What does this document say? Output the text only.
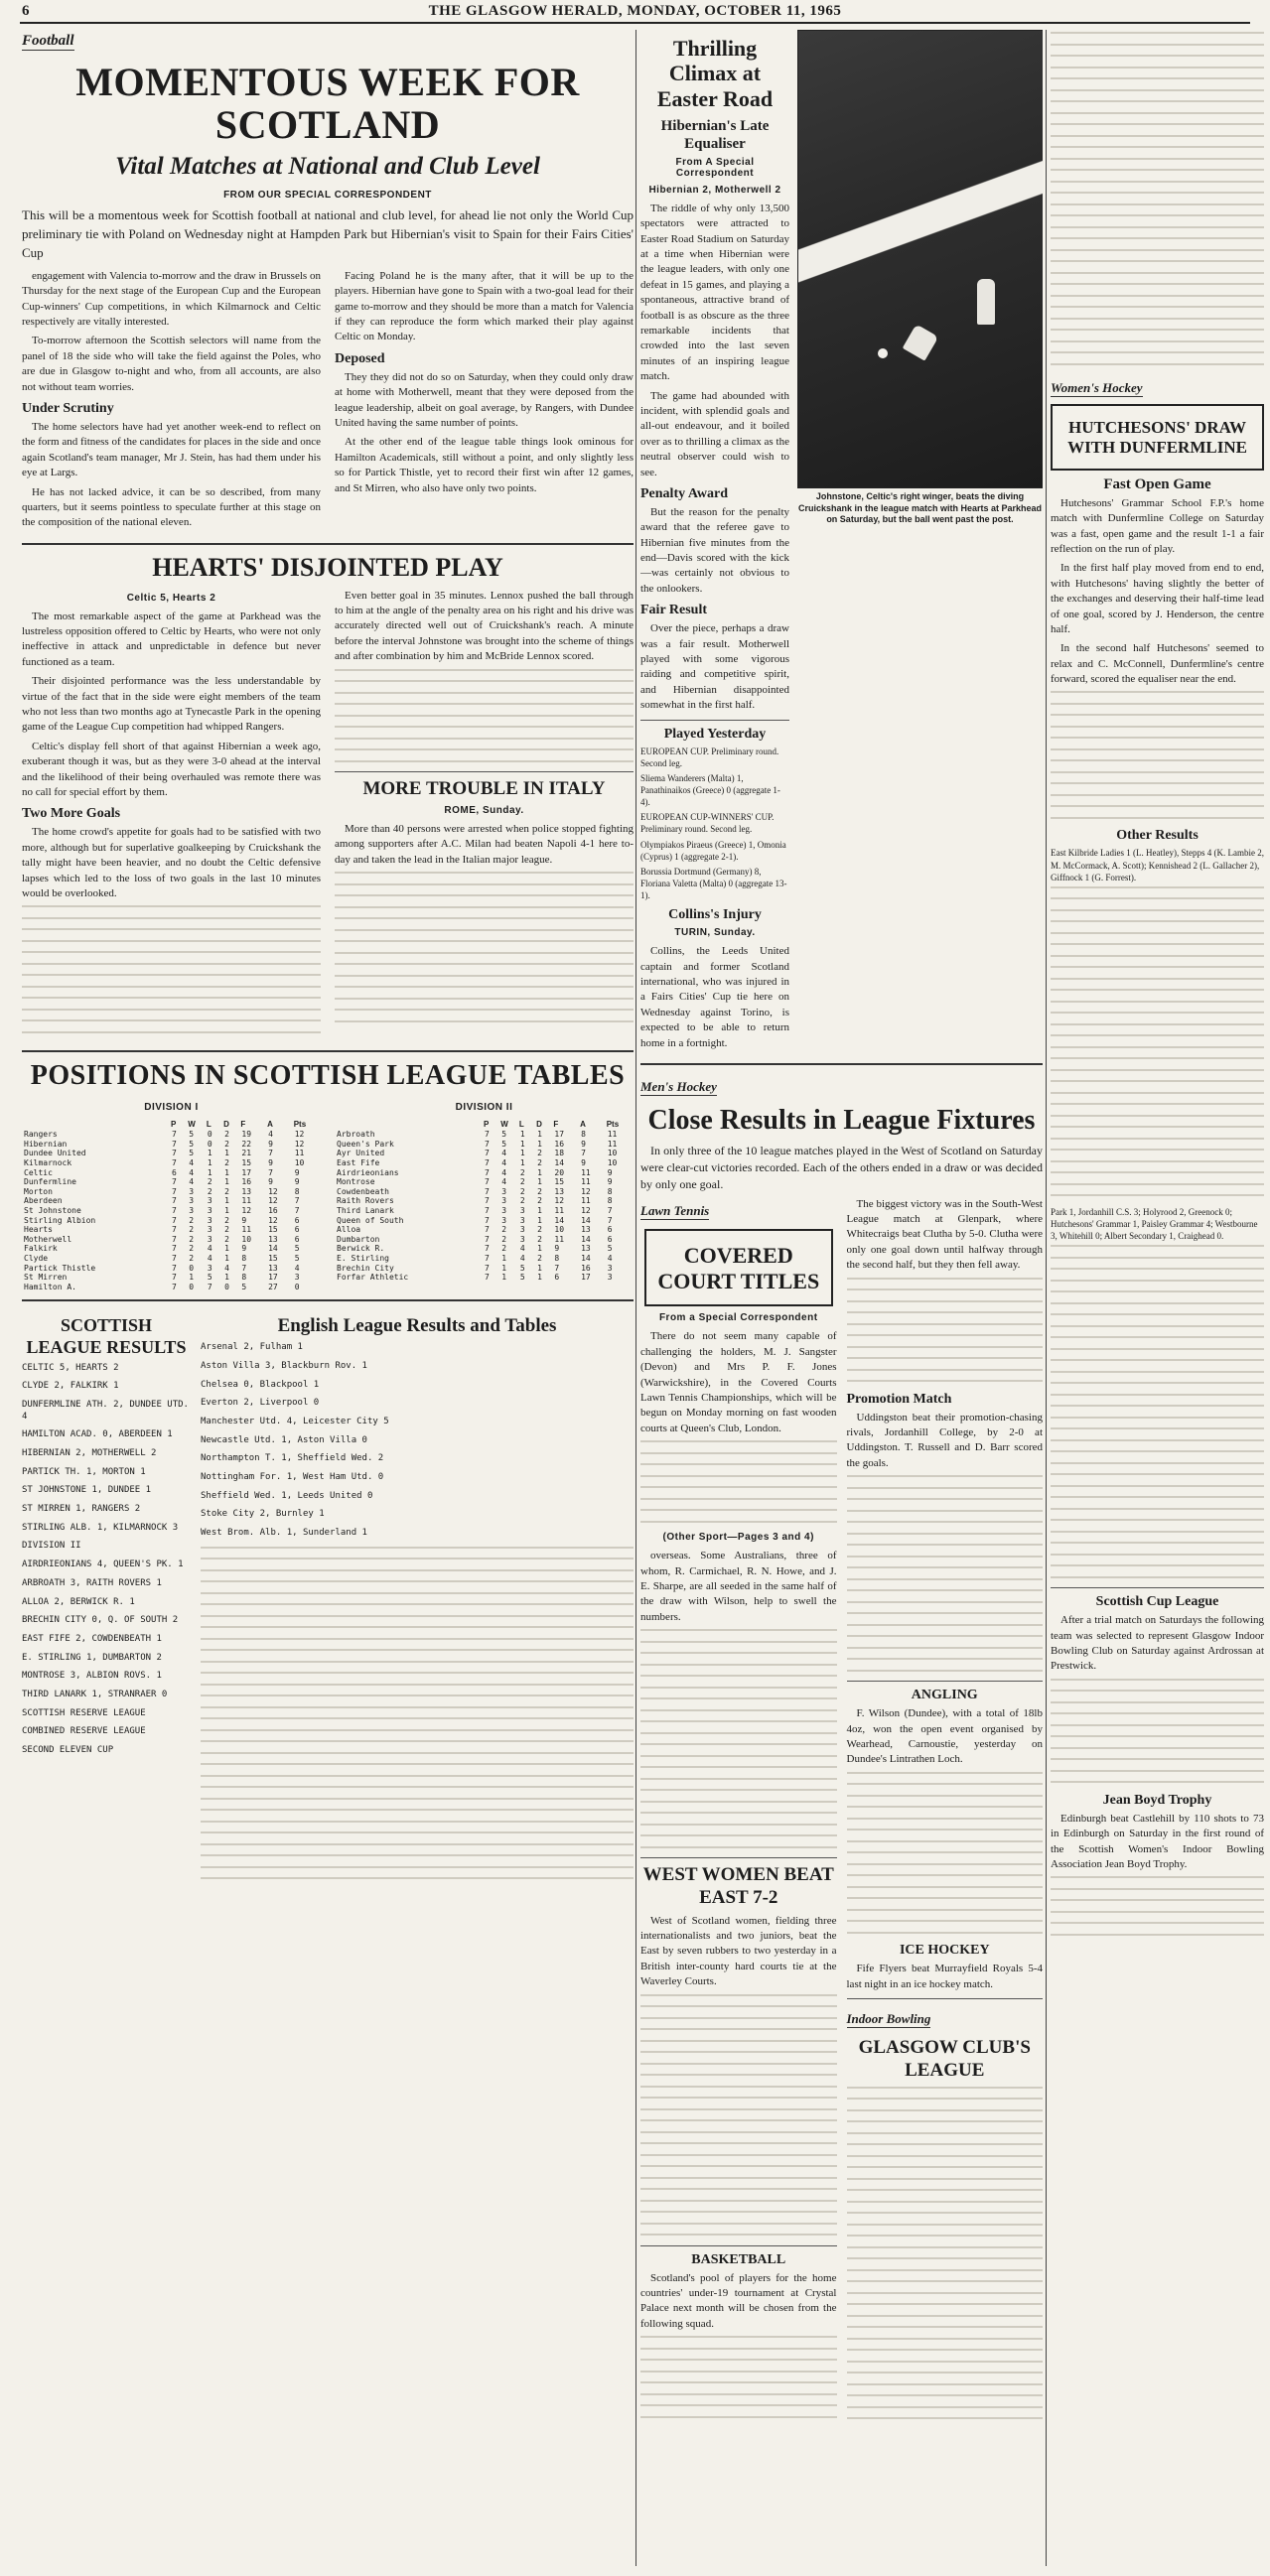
6	THE GLASGOW HERALD, MONDAY, OCTOBER 11, 1965
Football
MOMENTOUS WEEK FOR SCOTLAND
Vital Matches at National and Club Level
FROM OUR SPECIAL CORRESPONDENT

This will be a momentous week for Scottish football at national and club level, for ahead lie not only the World Cup preliminary tie with Poland on Wednesday night at Hampden Park but Hibernian's visit to Spain for their Fairs Cities' Cup

engagement with Valencia to-morrow and the draw in Brussels on Thursday for the next stage of the European Cup and the European Cup-winners' Cup competitions, in which Kilmarnock and Celtic respectively are vitally interested.

To-morrow afternoon the Scottish selectors will name from the panel of 18 the side who will take the field against the Poles, who are due in Glasgow to-night and who, from all accounts, are also not without team worries.

Under Scrutiny

The home selectors have had yet another week-end to reflect on the form and fitness of the candidates for places in the side and once again Scotland's team manager, Mr J. Stein, has had them under his eye at Largs.

He has not lacked advice, it can be so described, from many quarters, but it seems pointless to speculate further at this stage on the composition of the national eleven.

Facing Poland he is the many after, that it will be up to the players. Hibernian have gone to Spain with a two-goal lead for their game to-morrow and they should be more than a match for Valencia if they can reproduce the form which marked their play against Celtic on Monday.

Deposed

They they did not do so on Saturday, when they could only draw at home with Motherwell, meant that they were deposed from the league leadership, albeit on goal average, by Rangers, with Dundee United having the same number of points.

At the other end of the league table things look ominous for Hamilton Academicals, still without a point, and only slightly less so for Partick Thistle, yet to record their first win after 12 games, and St Mirren, who also have only two points.

HEARTS' DISJOINTED PLAY
Celtic 5, Hearts 2

The most remarkable aspect of the game at Parkhead was the lustreless opposition offered to Celtic by Hearts, who were not only ineffective in attack and unpredictable in defence but never functioned as a team.

Their disjointed performance was the less understandable by virtue of the fact that in the side were eight members of the team who not less than two months ago at Tynecastle Park in the opening game of the League Cup competition had whipped Rangers.

Celtic's display fell short of that against Hibernian a week ago, exuberant though it was, but as they were 3-0 ahead at the interval and the likelihood of their being overhauled was remote there was no call for special effort by them.

Two More Goals

The home crowd's appetite for goals had to be satisfied with two more, although but for superlative goalkeeping by Cruickshank the tally might have been heavier, and no doubt the Celtic defensive lapses which led to the loss of two goals in the last 10 minutes would be overlooked.

Even better goal in 35 minutes. Lennox pushed the ball through to him at the angle of the penalty area on his right and his drive was accurately directed well out of Cruickshank's reach. A minute before the interval Johnstone was brought into the scheme of things and after combination by him and McBride Lennox scored.

MORE TROUBLE IN ITALY
ROME, Sunday.

More than 40 persons were arrested when police stopped fighting among supporters after A.C. Milan had beaten Napoli 4-1 here to-day and taken the lead in the Italian major league.

POSITIONS IN SCOTTISH LEAGUE TABLES
DIVISION I
	P	W	L	D	F	A	Pts
Rangers	7	5	0	2	19	4	12
Hibernian	7	5	0	2	22	9	12
Dundee United	7	5	1	1	21	7	11
Kilmarnock	7	4	1	2	15	9	10
Celtic	6	4	1	1	17	7	9
Dunfermline	7	4	2	1	16	9	9
Morton	7	3	2	2	13	12	8
Aberdeen	7	3	3	1	11	12	7
St Johnstone	7	3	3	1	12	16	7
Stirling Albion	7	2	3	2	9	12	6
Hearts	7	2	3	2	11	15	6
Motherwell	7	2	3	2	10	13	6
Falkirk	7	2	4	1	9	14	5
Clyde	7	2	4	1	8	15	5
Partick Thistle	7	0	3	4	7	13	4
St Mirren	7	1	5	1	8	17	3
Hamilton A.	7	0	7	0	5	27	0
DIVISION II
	P	W	L	D	F	A	Pts
Arbroath	7	5	1	1	17	8	11
Queen's Park	7	5	1	1	16	9	11
Ayr United	7	4	1	2	18	7	10
East Fife	7	4	1	2	14	9	10
Airdrieonians	7	4	2	1	20	11	9
Montrose	7	4	2	1	15	11	9
Cowdenbeath	7	3	2	2	13	12	8
Raith Rovers	7	3	2	2	12	11	8
Third Lanark	7	3	3	1	11	12	7
Queen of South	7	3	3	1	14	14	7
Alloa	7	2	3	2	10	13	6
Dumbarton	7	2	3	2	11	14	6
Berwick R.	7	2	4	1	9	13	5
E. Stirling	7	1	4	2	8	14	4
Brechin City	7	1	5	1	7	16	3
Forfar Athletic	7	1	5	1	6	17	3
SCOTTISH LEAGUE RESULTS
CELTIC 5, HEARTS 2
CLYDE 2, FALKIRK 1
DUNFERMLINE ATH. 2, DUNDEE UTD. 4
HAMILTON ACAD. 0, ABERDEEN 1
HIBERNIAN 2, MOTHERWELL 2
PARTICK TH. 1, MORTON 1
ST JOHNSTONE 1, DUNDEE 1
ST MIRREN 1, RANGERS 2
STIRLING ALB. 1, KILMARNOCK 3
DIVISION II
AIRDRIEONIANS 4, QUEEN'S PK. 1
ARBROATH 3, RAITH ROVERS 1
ALLOA 2, BERWICK R. 1
BRECHIN CITY 0, Q. OF SOUTH 2
EAST FIFE 2, COWDENBEATH 1
E. STIRLING 1, DUMBARTON 2
MONTROSE 3, ALBION ROVS. 1
THIRD LANARK 1, STRANRAER 0
SCOTTISH RESERVE LEAGUE
COMBINED RESERVE LEAGUE
SECOND ELEVEN CUP
English League Results and Tables
Arsenal 2, Fulham 1
Aston Villa 3, Blackburn Rov. 1
Chelsea 0, Blackpool 1
Everton 2, Liverpool 0
Manchester Utd. 4, Leicester City 5
Newcastle Utd. 1, Aston Villa 0
Northampton T. 1, Sheffield Wed. 2
Nottingham For. 1, West Ham Utd. 0
Sheffield Wed. 1, Leeds United 0
Stoke City 2, Burnley 1
West Brom. Alb. 1, Sunderland 1
Thrilling Climax at Easter Road
Hibernian's Late Equaliser
From A Special Correspondent
Hibernian 2, Motherwell 2

The riddle of why only 13,500 spectators were attracted to Easter Road Stadium on Saturday at a time when Hibernian were the league leaders, with only one defeat in 15 games, and playing a spontaneous, attractive brand of football is as obscure as the three remarkable incidents that crowded into the last seven minutes of an inspiring league match.

The game had abounded with incident, with splendid goals and all-out endeavour, and it boiled over as to thrilling a climax as the neutral observer could wish to see.

Penalty Award

But the reason for the penalty award that the referee gave to Hibernian five minutes from the end—Davis scored with the kick—was certainly not obvious to the onlookers.

Fair Result

Over the piece, perhaps a draw was a fair result. Motherwell played with some vigorous raiding and competitive spirit, and Hibernian disappointed somewhat in the first half.

Played Yesterday

EUROPEAN CUP. Preliminary round. Second leg.

Sliema Wanderers (Malta) 1, Panathinaikos (Greece) 0 (aggregate 1-4).

EUROPEAN CUP-WINNERS' CUP. Preliminary round. Second leg.

Olympiakos Piraeus (Greece) 1, Omonia (Cyprus) 1 (aggregate 2-1).

Borussia Dortmund (Germany) 8, Floriana Valetta (Malta) 0 (aggregate 13-1).

Collins's Injury
TURIN, Sunday.

Collins, the Leeds United captain and former Scotland international, who was injured in a Fairs Cities' Cup tie here on Wednesday against Torino, is expected to be able to return home in a fortnight.

Johnstone, Celtic's right winger, beats the diving Cruickshank in the league match with Hearts at Parkhead on Saturday, but the ball went past the post.
Men's Hockey
Close Results in League Fixtures

In only three of the 10 league matches played in the West of Scotland on Saturday were clear-cut victories recorded. Each of the others ended in a draw or was decided by only one goal.

Lawn Tennis
COVERED COURT TITLES
From a Special Correspondent

There do not seem many capable of challenging the holders, M. J. Sangster (Devon) and Mrs P. F. Jones (Warwickshire), in the Covered Courts Lawn Tennis Championships, which will be begun on Monday morning on fast wooden courts at Queen's Club, London.

(Other Sport—Pages 3 and 4)

overseas. Some Australians, three of whom, R. Carmichael, R. N. Howe, and J. E. Sharpe, are all seeded in the same half of the draw with Wilson, help to swell the numbers.

WEST WOMEN BEAT EAST 7-2

West of Scotland women, fielding three internationalists and two juniors, beat the East by seven rubbers to two yesterday in a British inter-county hard courts tie at the Waverley Courts.

BASKETBALL

Scotland's pool of players for the home countries' under-19 tournament at Crystal Palace next month will be chosen from the following squad.

The biggest victory was in the South-West League match at Glenpark, where Whitecraigs beat Clutha by 5-0. Clutha were only one goal down until halfway through the second half, but they then fell away.

Promotion Match

Uddingston beat their promotion-chasing rivals, Jordanhill College, by 2-0 at Uddingston. T. Russell and D. Barr scored the goals.

ANGLING

F. Wilson (Dundee), with a total of 18lb 4oz, won the open event organised by Wearhead, Carnoustie, yesterday on Dundee's Lintrathen Loch.

ICE HOCKEY

Fife Flyers beat Murrayfield Royals 5-4 last night in an ice hockey match.

Indoor Bowling
GLASGOW CLUB'S LEAGUE
Women's Hockey
HUTCHESONS' DRAW WITH DUNFERMLINE
Fast Open Game

Hutchesons' Grammar School F.P.'s home match with Dunfermline College on Saturday was a fast, open game and the result 1-1 a fair reflection on the run of play.

In the first half play moved from end to end, with Hutchesons' having slightly the better of the exchanges and deserving their half-time lead of one goal, scored by J. Henderson, the centre half.

In the second half Hutchesons' seemed to relax and C. McConnell, Dunfermline's centre forward, scored the equaliser near the end.

Other Results

East Kilbride Ladies 1 (L. Heatley), Stepps 4 (K. Lambie 2, M. McCormack, A. Scott); Kennishead 2 (L. Gallacher 2), Giffnock 1 (G. Forrest).

Park 1, Jordanhill C.S. 3; Holyrood 2, Greenock 0; Hutchesons' Grammar 1, Paisley Grammar 4; Westbourne 3, Whitehill 0; Albert Secondary 1, Craighead 0.

Scottish Cup League

After a trial match on Saturdays the following team was selected to represent Glasgow Indoor Bowling Club on Saturday against Ardrossan at Prestwick.

Jean Boyd Trophy

Edinburgh beat Castlehill by 110 shots to 73 in Edinburgh on Saturday in the first round of the Scottish Women's Indoor Bowling Association Jean Boyd Trophy.
